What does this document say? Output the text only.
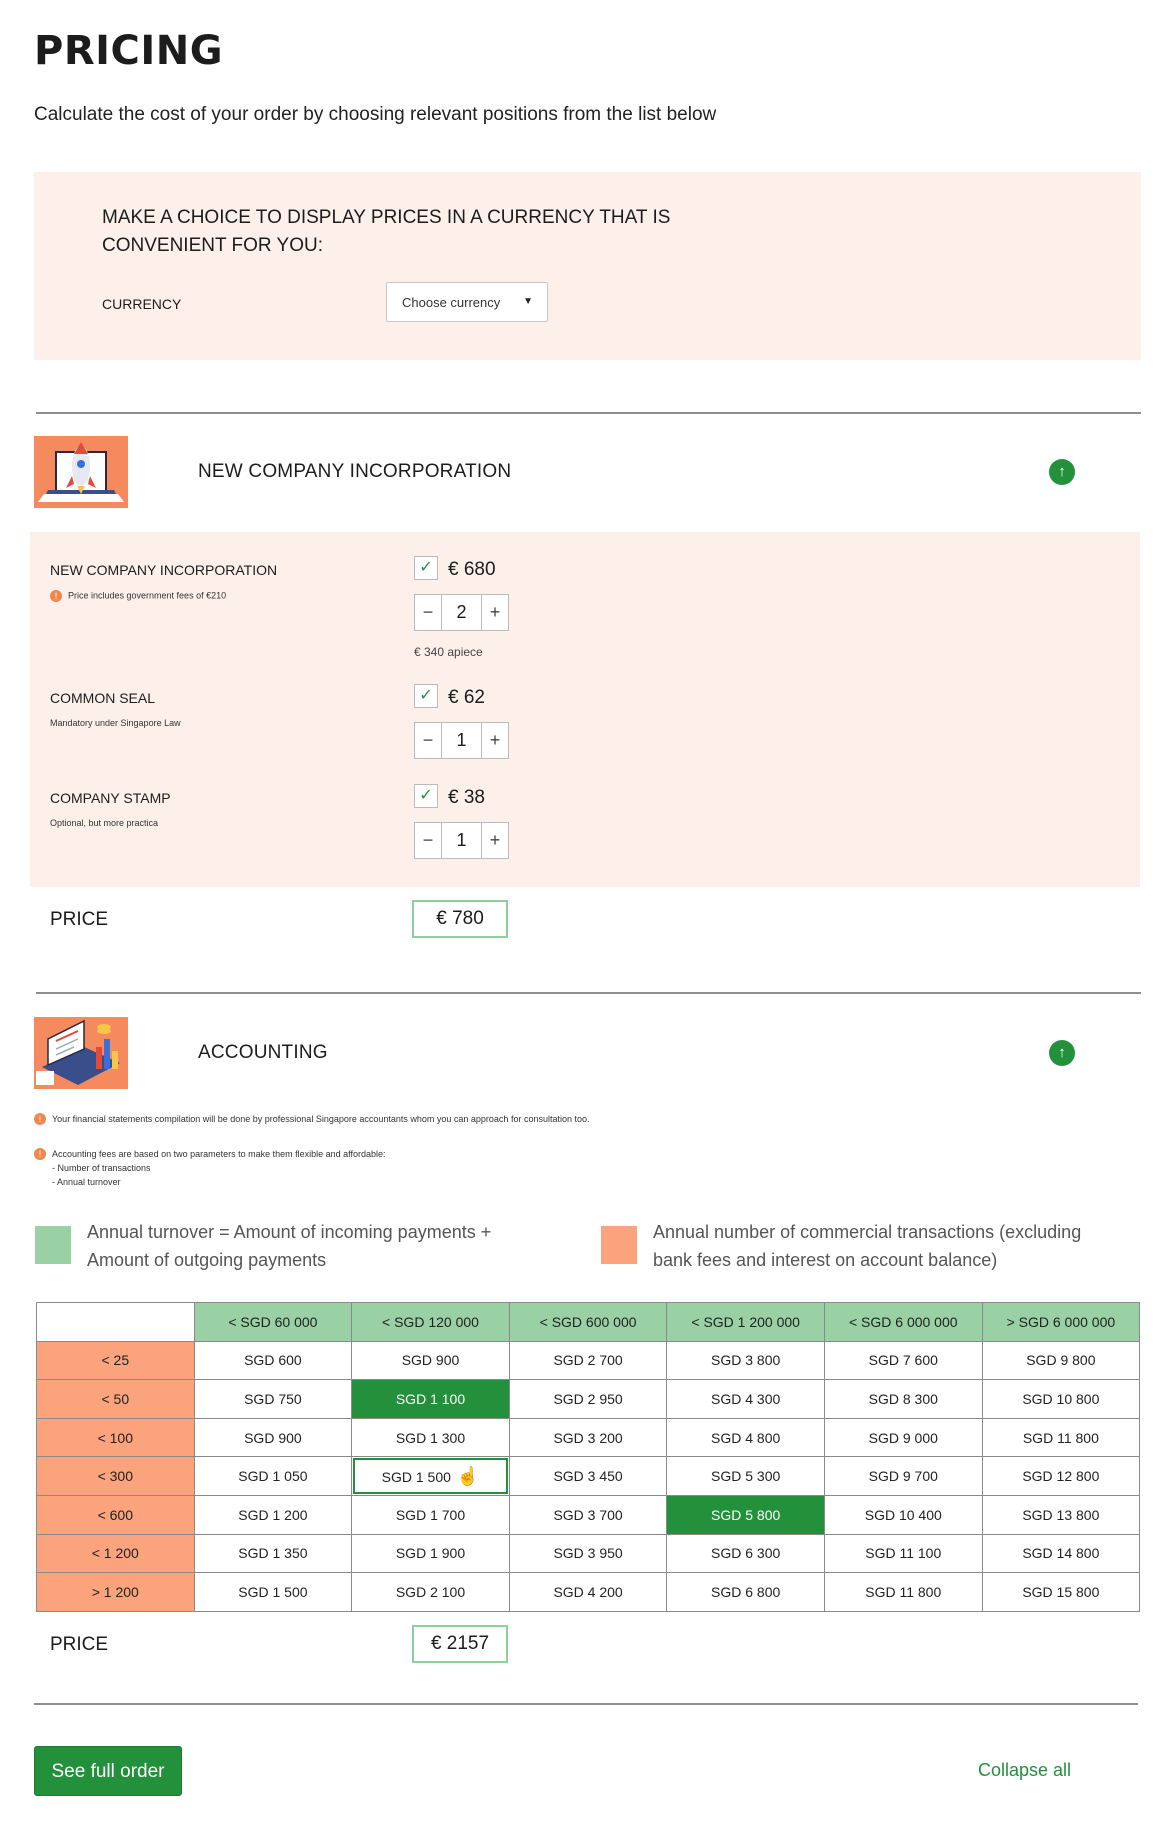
PRICING
Calculate the cost of your order by choosing relevant positions from the list below
MAKE A CHOICE TO DISPLAY PRICES IN A CURRENCY THAT IS CONVENIENT FOR YOU:
CURRENCY	Choose currency ▼
NEW COMPANY INCORPORATION	↑
NEW COMPANY INCORPORATION
! Price includes government fees of €210
✓ € 680
−	2	+
€ 340 apiece
COMMON SEAL
Mandatory under Singapore Law
✓ € 62
−	1	+
COMPANY STAMP
Optional, but more practica
✓ € 38
−	1	+
PRICE	€ 780
ACCOUNTING	↑
!	Your financial statements compilation will be done by professional Singapore accountants whom you can approach for consultation too.
!	Accounting fees are based on two parameters to make them flexible and affordable:
- Number of transactions
- Annual turnover
Annual turnover = Amount of incoming payments + Amount of outgoing payments
Annual number of commercial transactions (excluding bank fees and interest on account balance)
	< SGD 60 000	< SGD 120 000	< SGD 600 000	< SGD 1 200 000	< SGD 6 000 000	> SGD 6 000 000
< 25	SGD 600	SGD 900	SGD 2 700	SGD 3 800	SGD 7 600	SGD 9 800
< 50	SGD 750	SGD 1 100	SGD 2 950	SGD 4 300	SGD 8 300	SGD 10 800
< 100	SGD 900	SGD 1 300	SGD 3 200	SGD 4 800	SGD 9 000	SGD 11 800
< 300	SGD 1 050	SGD 1 500 ☝	SGD 3 450	SGD 5 300	SGD 9 700	SGD 12 800
< 600	SGD 1 200	SGD 1 700	SGD 3 700	SGD 5 800	SGD 10 400	SGD 13 800
< 1 200	SGD 1 350	SGD 1 900	SGD 3 950	SGD 6 300	SGD 11 100	SGD 14 800
> 1 200	SGD 1 500	SGD 2 100	SGD 4 200	SGD 6 800	SGD 11 800	SGD 15 800
PRICE	€ 2157
See full order	Collapse all
